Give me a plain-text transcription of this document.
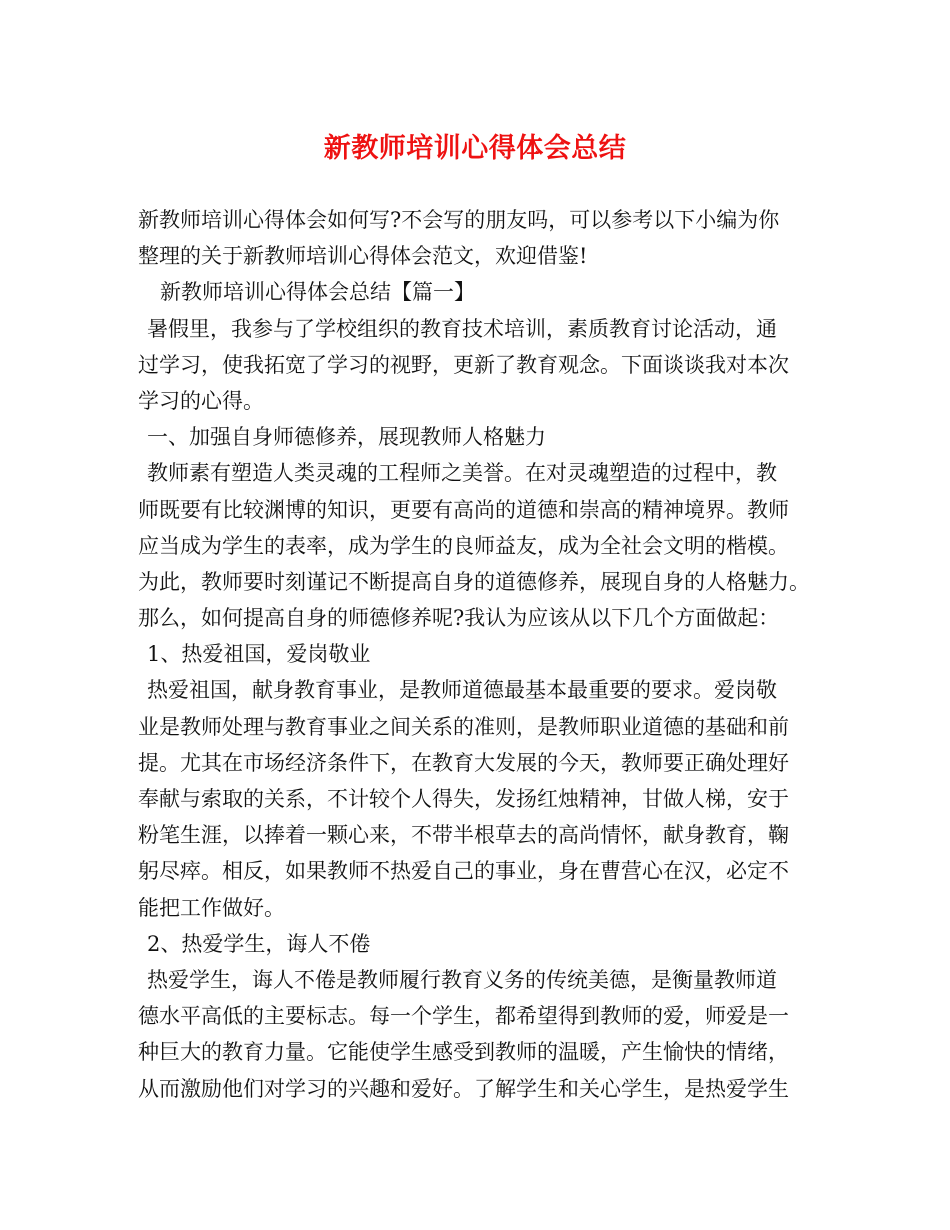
新教师培训心得体会总结
新教师培训心得体会如何写?不会写的朋友吗，可以参考以下小编为你
整理的关于新教师培训心得体会范文，欢迎借鉴!
新教师培训心得体会总结【篇一】
暑假里，我参与了学校组织的教育技术培训，素质教育讨论活动，通
过学习，使我拓宽了学习的视野，更新了教育观念。下面谈谈我对本次
学习的心得。
一、加强自身师德修养，展现教师人格魅力
教师素有塑造人类灵魂的工程师之美誉。在对灵魂塑造的过程中，教
师既要有比较渊博的知识，更要有高尚的道德和崇高的精神境界。教师
应当成为学生的表率，成为学生的良师益友，成为全社会文明的楷模。
为此，教师要时刻谨记不断提高自身的道德修养，展现自身的人格魅力。
那么，如何提高自身的师德修养呢?我认为应该从以下几个方面做起：
1、热爱祖国，爱岗敬业
热爱祖国，献身教育事业，是教师道德最基本最重要的要求。爱岗敬
业是教师处理与教育事业之间关系的准则，是教师职业道德的基础和前
提。尤其在市场经济条件下，在教育大发展的今天，教师要正确处理好
奉献与索取的关系，不计较个人得失，发扬红烛精神，甘做人梯，安于
粉笔生涯，以捧着一颗心来，不带半根草去的高尚情怀，献身教育，鞠
躬尽瘁。相反，如果教师不热爱自己的事业，身在曹营心在汉，必定不
能把工作做好。
2、热爱学生，诲人不倦
热爱学生，诲人不倦是教师履行教育义务的传统美德，是衡量教师道
德水平高低的主要标志。每一个学生，都希望得到教师的爱，师爱是一
种巨大的教育力量。它能使学生感受到教师的温暖，产生愉快的情绪，
从而激励他们对学习的兴趣和爱好。了解学生和关心学生，是热爱学生
